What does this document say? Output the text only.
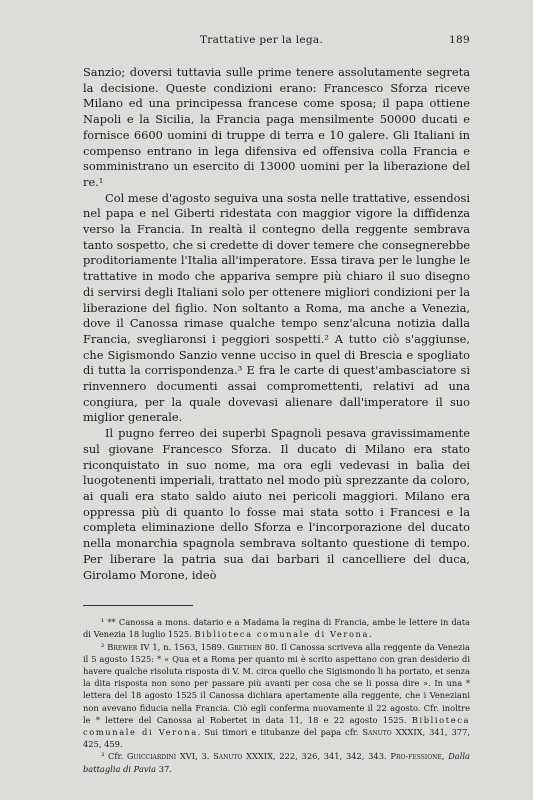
Trattative per la lega.	189

Sanzio; doversi tuttavia sulle prime tenere assolutamente segreta la decisione. Queste condizioni erano: Francesco Sforza riceve Milano ed una principessa francese come sposa; il papa ottiene Napoli e la Sicilia, la Francia paga mensilmente 50000 ducati e fornisce 6600 uomini di truppe di terra e 10 galere. Gli Italiani in compenso entrano in lega difensiva ed offensiva colla Francia e somministrano un esercito di 13000 uomini per la liberazione del re.¹

Col mese d'agosto seguiva una sosta nelle trattative, essendosi nel papa e nel Giberti ridestata con maggior vigore la diffidenza verso la Francia. In realtà il contegno della reggente sembrava tanto sospetto, che si credette di dover temere che consegnerebbe proditoriamente l'Italia all'imperatore. Essa tirava per le lunghe le trattative in modo che appariva sempre più chiaro il suo disegno di servirsi degli Italiani solo per ottenere migliori condizioni per la liberazione del figlio. Non soltanto a Roma, ma anche a Venezia, dove il Canossa rimase qualche tempo senz'alcuna notizia dalla Francia, svegliaronsi i peggiori sospetti.² A tutto ciò s'aggiunse, che Sigismondo Sanzio venne ucciso in quel di Brescia e spogliato di tutta la corrispondenza.³ E fra le carte di quest'ambasciatore si rinvennero documenti assai compromettenti, relativi ad una congiura, per la quale dovevasi alienare dall'imperatore il suo miglior generale.

Il pugno ferreo dei superbi Spagnoli pesava gravissimamente sul giovane Francesco Sforza. Il ducato di Milano era stato riconquistato in suo nome, ma ora egli vedevasi in balìa dei luogotenenti imperiali, trattato nel modo più sprezzante da coloro, ai quali era stato saldo aiuto nei pericoli maggiori. Milano era oppressa più di quanto lo fosse mai stata sotto i Francesi e la completa eliminazione dello Sforza e l'incorporazione del ducato nella monarchia spagnola sembrava soltanto questione di tempo. Per liberare la patria sua dai barbari il cancelliere del duca, Girolamo Morone, ideò

¹ ** Canossa a mons. datario e a Madama la regina di Francia, ambe le lettere in data di Venezia 18 luglio 1525. Biblioteca comunale di Verona.

² Brewer IV 1, n. 1563, 1589. Grethen 80. Il Canossa scriveva alla reggente da Venezia il 5 agosto 1525: * « Qua et a Roma per quanto mi è scrito aspettano con gran desiderio di havere qualche risoluta risposta di V. M. circa quello che Sigismondo li ha portato, et senza la dita risposta non sono per passare più avanti per cosa che se li possa dire ». In una * lettera del 18 agosto 1525 il Canossa dichiara apertamente alla reggente, che i Veneziani non avevano fiducia nella Francia. Ciò egli conferma nuovamente il 22 agosto. Cfr. inoltre le * lettere del Canossa al Robertet in data 11, 18 e 22 agosto 1525. Biblioteca comunale di Verona. Sui timori e titubanze del papa cfr. Sanuto XXXIX, 341, 377, 425, 459.

³ Cfr. Guicciardini XVI, 3. Sanuto XXXIX, 222, 326, 341, 342, 343. Pro-fessione, Dalla battaglia di Pavia 37.
